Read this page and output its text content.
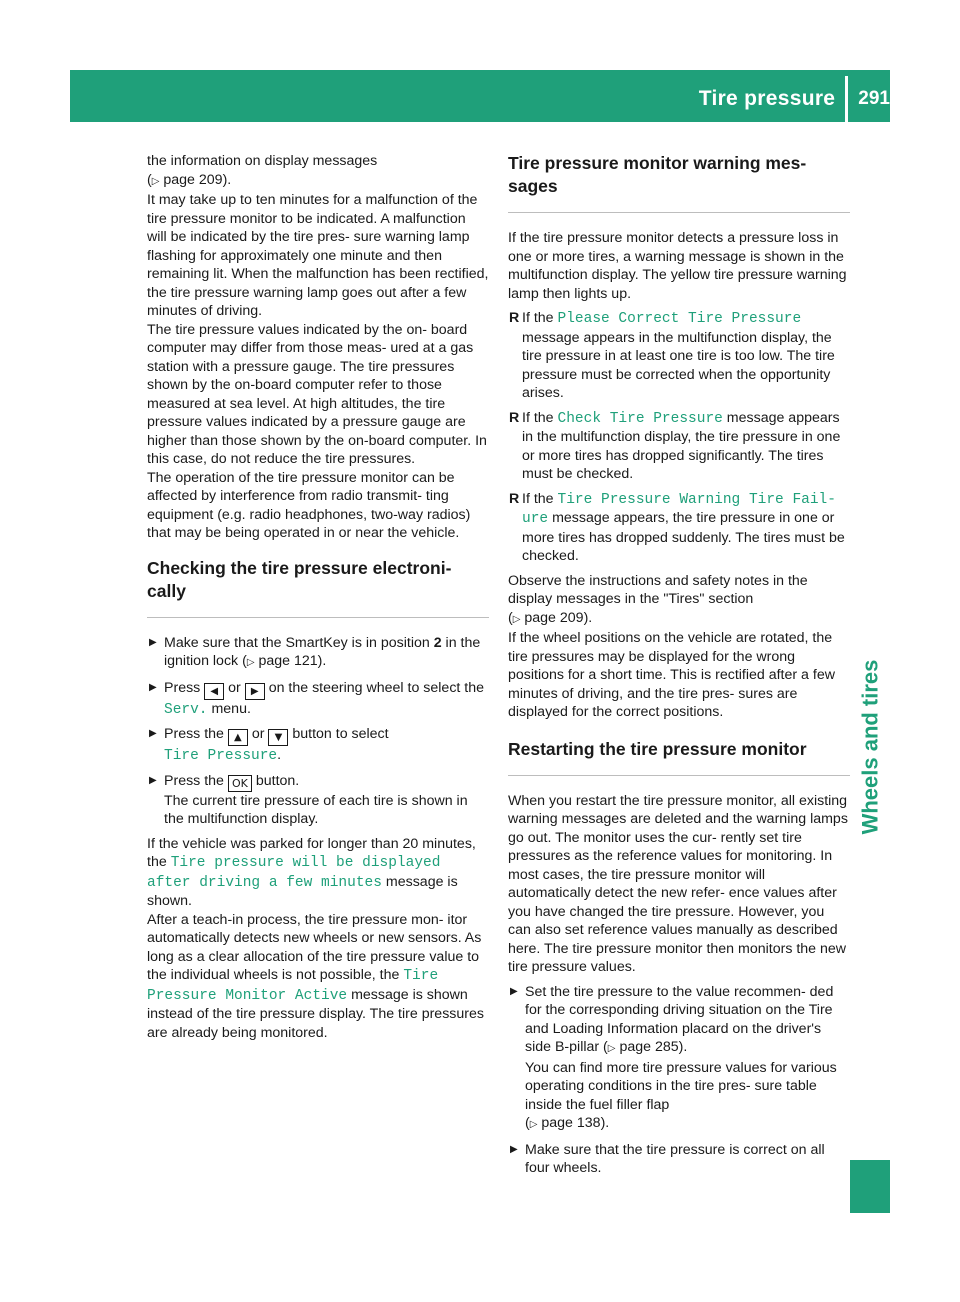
Tire pressure 291
Wheels and tires

the information on display messages
(▷ page 209).

It may take up to ten minutes for a malfunction of the tire pressure monitor to be indicated. A malfunction will be indicated by the tire pres- sure warning lamp flashing for approximately one minute and then remaining lit. When the malfunction has been rectified, the tire pressure warning lamp goes out after a few minutes of driving.

The tire pressure values indicated by the on- board computer may differ from those meas- ured at a gas station with a pressure gauge. The tire pressures shown by the on-board computer refer to those measured at sea level. At high altitudes, the tire pressure values indicated by a pressure gauge are higher than those shown by the on-board computer. In this case, do not reduce the tire pressures.

The operation of the tire pressure monitor can be affected by interference from radio transmit- ting equipment (e.g. radio headphones, two-way radios) that may be being operated in or near the vehicle.

Checking the tire pressure electroni- cally
▶ Make sure that the SmartKey is in position 2 in the ignition lock (▷ page 121).
▶ Press ◀ or ▶ on the steering wheel to select the Serv. menu.
▶ Press the ▲ or ▼ button to select
Tire Pressure.
▶ Press the OK button.
The current tire pressure of each tire is shown in the multifunction display.

If the vehicle was parked for longer than 20 minutes, the Tire pressure will be displayed after driving a few minutes message is shown.

After a teach-in process, the tire pressure mon- itor automatically detects new wheels or new sensors. As long as a clear allocation of the tire pressure value to the individual wheels is not possible, the Tire Pressure Monitor Active message is shown instead of the tire pressure display. The tire pressures are already being monitored.

Tire pressure monitor warning mes- sages

If the tire pressure monitor detects a pressure loss in one or more tires, a warning message is shown in the multifunction display. The yellow tire pressure warning lamp then lights up.

R If the Please Correct Tire Pressure message appears in the multifunction display, the tire pressure in at least one tire is too low. The tire pressure must be corrected when the opportunity arises.
R If the Check Tire Pressure message appears in the multifunction display, the tire pressure in one or more tires has dropped significantly. The tires must be checked.
R If the Tire Pressure Warning Tire Fail‐ ure message appears, the tire pressure in one or more tires has dropped suddenly. The tires must be checked.

Observe the instructions and safety notes in the display messages in the "Tires" section
(▷ page 209).

If the wheel positions on the vehicle are rotated, the tire pressures may be displayed for the wrong positions for a short time. This is rectified after a few minutes of driving, and the tire pres- sures are displayed for the correct positions.

Restarting the tire pressure monitor

When you restart the tire pressure monitor, all existing warning messages are deleted and the warning lamps go out. The monitor uses the cur- rently set tire pressures as the reference values for monitoring. In most cases, the tire pressure monitor will automatically detect the new refer- ence values after you have changed the tire pressure. However, you can also set reference values manually as described here. The tire pressure monitor then monitors the new tire pressure values.

▶ Set the tire pressure to the value recommen- ded for the corresponding driving situation on the Tire and Loading Information placard on the driver's side B-pillar (▷ page 285).
You can find more tire pressure values for various operating conditions in the tire pres- sure table inside the fuel filler flap
(▷ page 138).
▶ Make sure that the tire pressure is correct on all four wheels.
